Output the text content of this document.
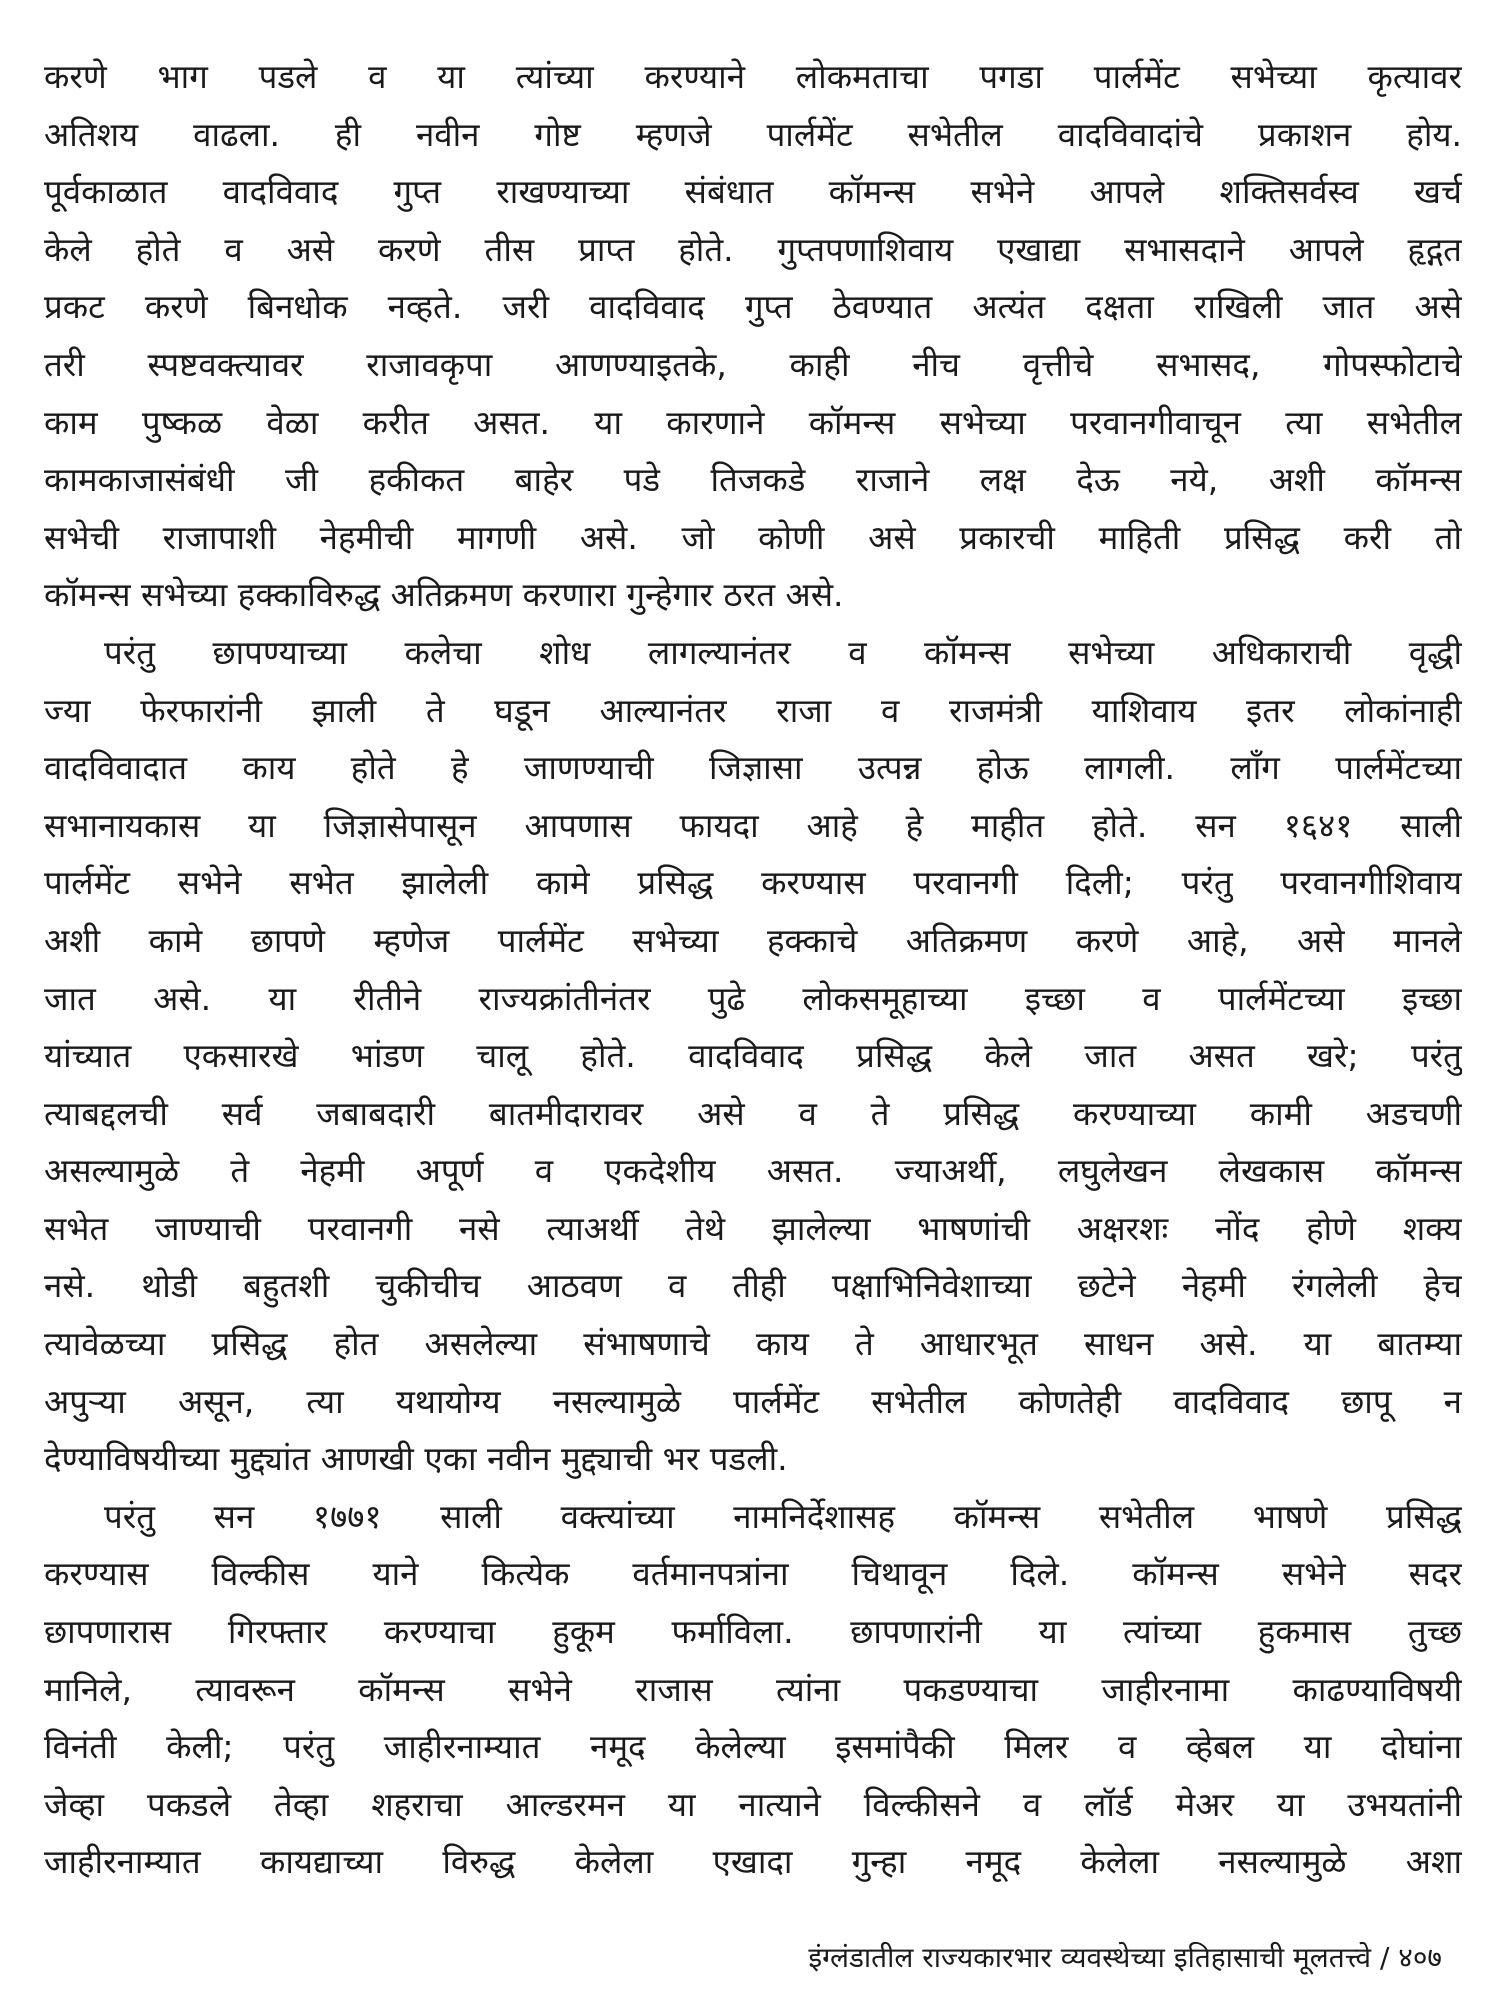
करणे भाग पडले व या त्यांच्या करण्याने लोकमताचा पगडा पार्लमेंट सभेच्या कृत्यावर
अतिशय वाढला. ही नवीन गोष्ट म्हणजे पार्लमेंट सभेतील वादविवादांचे प्रकाशन होय.
पूर्वकाळात वादविवाद गुप्त राखण्याच्या संबंधात कॉमन्स सभेने आपले शक्तिसर्वस्व खर्च
केले होते व असे करणे तीस प्राप्त होते. गुप्तपणाशिवाय एखाद्या सभासदाने आपले हृद्गत
प्रकट करणे बिनधोक नव्हते. जरी वादविवाद गुप्त ठेवण्यात अत्यंत दक्षता राखिली जात असे
तरी स्पष्टवक्त्यावर राजावकृपा आणण्याइतके, काही नीच वृत्तीचे सभासद, गोपस्फोटाचे
काम पुष्कळ वेळा करीत असत. या कारणाने कॉमन्स सभेच्या परवानगीवाचून त्या सभेतील
कामकाजासंबंधी जी हकीकत बाहेर पडे तिजकडे राजाने लक्ष देऊ नये, अशी कॉमन्स
सभेची राजापाशी नेहमीची मागणी असे. जो कोणी असे प्रकारची माहिती प्रसिद्ध करी तो
कॉमन्स सभेच्या हक्काविरुद्ध अतिक्रमण करणारा गुन्हेगार ठरत असे.
परंतु छापण्याच्या कलेचा शोध लागल्यानंतर व कॉमन्स सभेच्या अधिकाराची वृद्धी
ज्या फेरफारांनी झाली ते घडून आल्यानंतर राजा व राजमंत्री याशिवाय इतर लोकांनाही
वादविवादात काय होते हे जाणण्याची जिज्ञासा उत्पन्न होऊ लागली. लाँग पार्लमेंटच्या
सभानायकास या जिज्ञासेपासून आपणास फायदा आहे हे माहीत होते. सन १६४१ साली
पार्लमेंट सभेने सभेत झालेली कामे प्रसिद्ध करण्यास परवानगी दिली; परंतु परवानगीशिवाय
अशी कामे छापणे म्हणेज पार्लमेंट सभेच्या हक्काचे अतिक्रमण करणे आहे, असे मानले
जात असे. या रीतीने राज्यक्रांतीनंतर पुढे लोकसमूहाच्या इच्छा व पार्लमेंटच्या इच्छा
यांच्यात एकसारखे भांडण चालू होते. वादविवाद प्रसिद्ध केले जात असत खरे; परंतु
त्याबद्दलची सर्व जबाबदारी बातमीदारावर असे व ते प्रसिद्ध करण्याच्या कामी अडचणी
असल्यामुळे ते नेहमी अपूर्ण व एकदेशीय असत. ज्याअर्थी, लघुलेखन लेखकास कॉमन्स
सभेत जाण्याची परवानगी नसे त्याअर्थी तेथे झालेल्या भाषणांची अक्षरशः नोंद होणे शक्य
नसे. थोडी बहुतशी चुकीचीच आठवण व तीही पक्षाभिनिवेशाच्या छटेने नेहमी रंगलेली हेच
त्यावेळच्या प्रसिद्ध होत असलेल्या संभाषणाचे काय ते आधारभूत साधन असे. या बातम्या
अपुऱ्या असून, त्या यथायोग्य नसल्यामुळे पार्लमेंट सभेतील कोणतेही वादविवाद छापू न
देण्याविषयीच्या मुद्द्यांत आणखी एका नवीन मुद्द्याची भर पडली.
परंतु सन १७७१ साली वक्त्यांच्या नामनिर्देशासह कॉमन्स सभेतील भाषणे प्रसिद्ध
करण्यास विल्कीस याने कित्येक वर्तमानपत्रांना चिथावून दिले. कॉमन्स सभेने सदर
छापणारास गिरफ्तार करण्याचा हुकूम फर्माविला. छापणारांनी या त्यांच्या हुकमास तुच्छ
मानिले, त्यावरून कॉमन्स सभेने राजास त्यांना पकडण्याचा जाहीरनामा काढण्याविषयी
विनंती केली; परंतु जाहीरनाम्यात नमूद केलेल्या इसमांपैकी मिलर व व्हेबल या दोघांना
जेव्हा पकडले तेव्हा शहराचा आल्डरमन या नात्याने विल्कीसने व लॉर्ड मेअर या उभयतांनी
जाहीरनाम्यात कायद्याच्या विरुद्ध केलेला एखादा गुन्हा नमूद केलेला नसल्यामुळे अशा
इंग्लंडातील राज्यकारभार व्यवस्थेच्या इतिहासाची मूलतत्त्वे / ४०७
